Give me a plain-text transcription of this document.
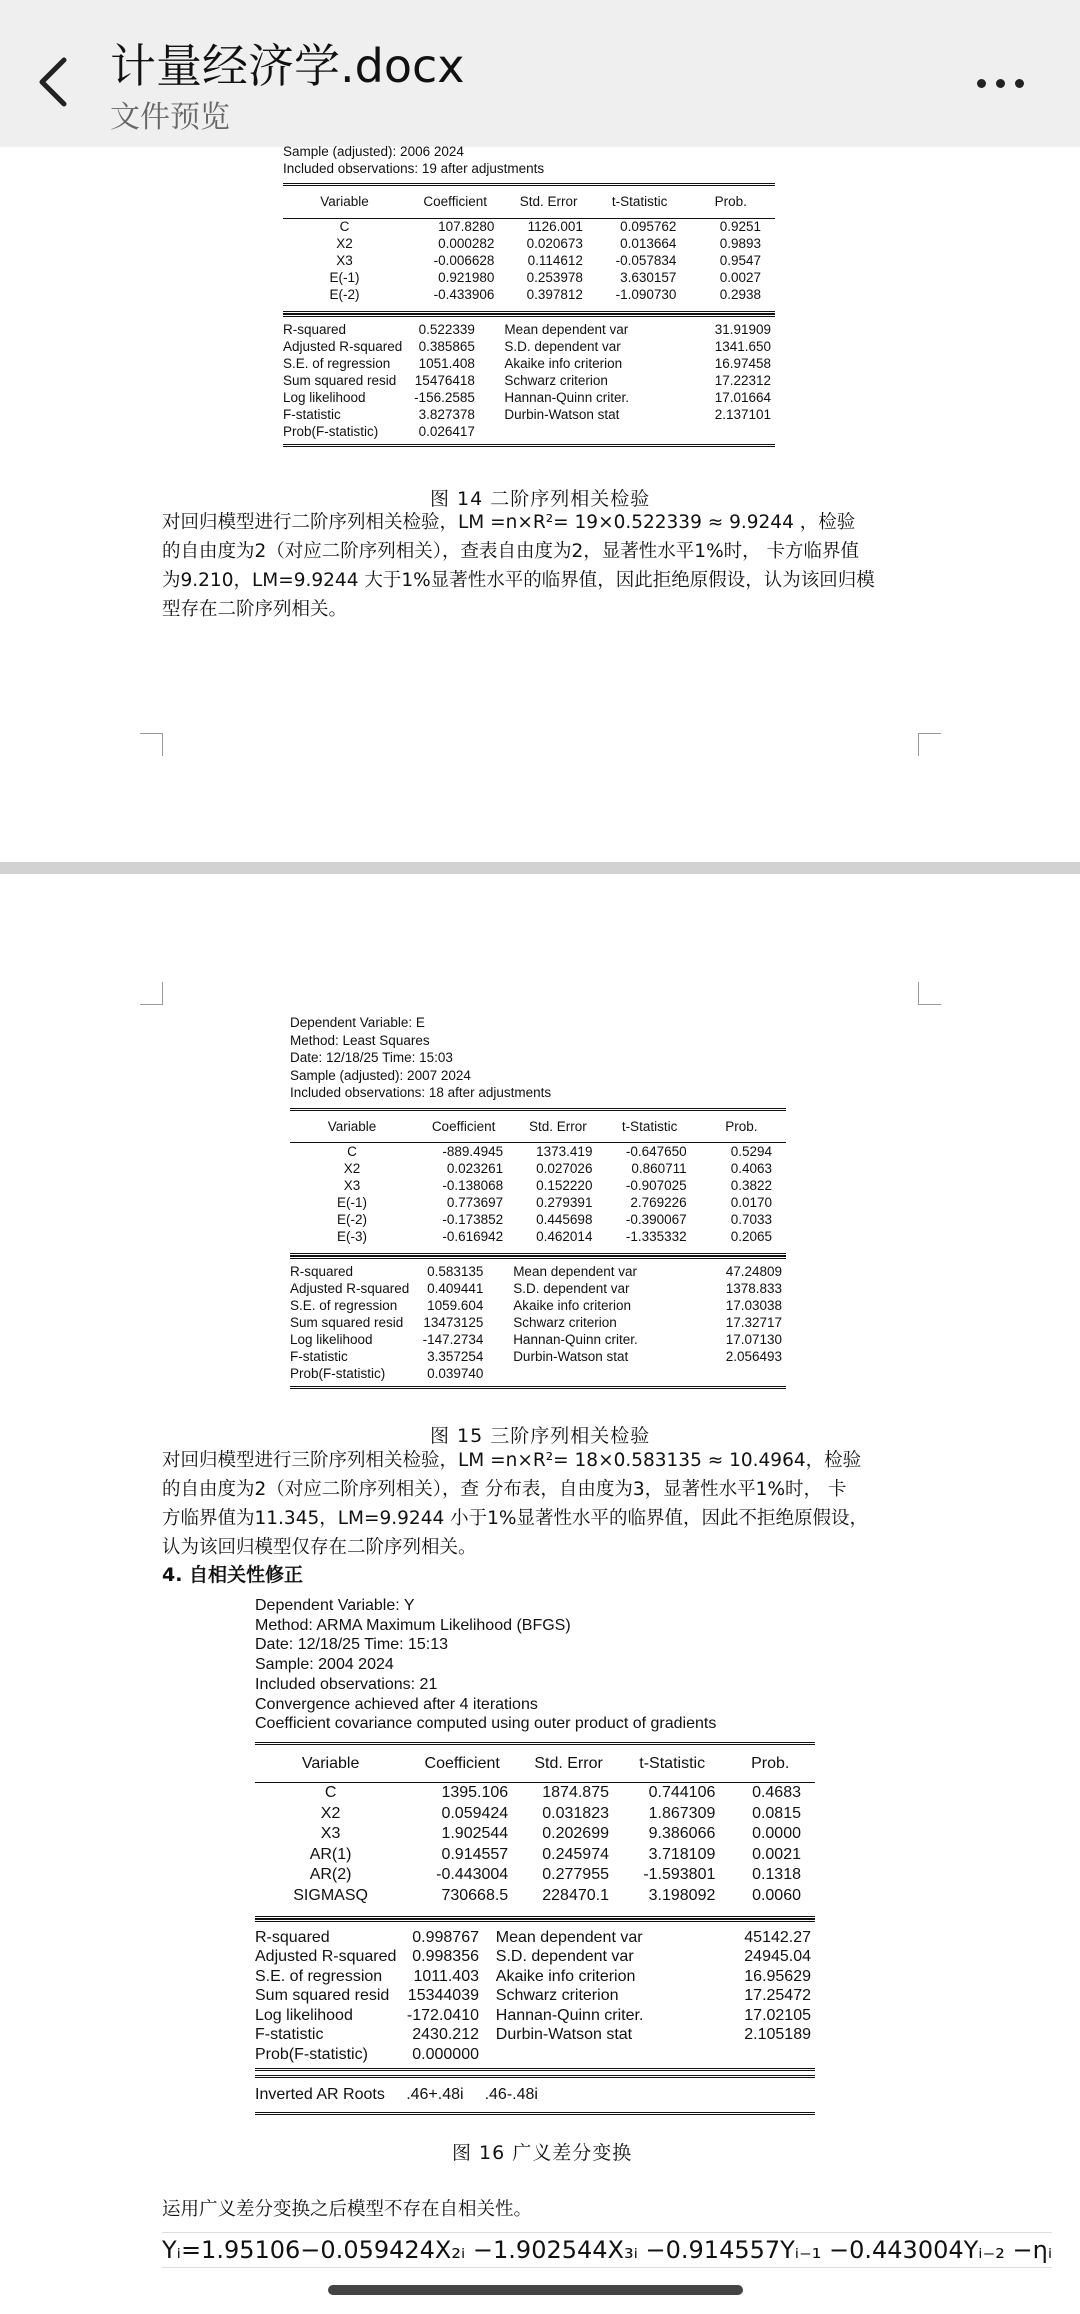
计量经济学.docx
文件预览
Sample (adjusted): 2006 2024
Included observations: 19 after adjustments
Variable	Coefficient	Std. Error	t-Statistic	Prob.
C	107.8280	1126.001	0.095762	0.9251
X2	0.000282	0.020673	0.013664	0.9893
X3	-0.006628	0.114612	-0.057834	0.9547
E(-1)	0.921980	0.253978	3.630157	0.0027
E(-2)	-0.433906	0.397812	-1.090730	0.2938

R-squared	0.522339		Mean dependent var	31.91909
Adjusted R-squared	0.385865		S.D. dependent var	1341.650
S.E. of regression	1051.408		Akaike info criterion	16.97458
Sum squared resid	15476418		Schwarz criterion	17.22312
Log likelihood	-156.2585		Hannan-Quinn criter.	17.01664
F-statistic	3.827378		Durbin-Watson stat	2.137101
Prob(F-statistic)	0.026417			

图 14 二阶序列相关检验

对回归模型进行二阶序列相关检验，LM =n×R²= 19×0.522339 ≈ 9.9244 ，检验

的自由度为2（对应二阶序列相关），查表自由度为2，显著性水平1%时， 卡方临界值

为9.210，LM=9.9244 大于1%显著性水平的临界值，因此拒绝原假设，认为该回归模

型存在二阶序列相关。

Dependent Variable: E
Method: Least Squares
Date: 12/18/25 Time: 15:03
Sample (adjusted): 2007 2024
Included observations: 18 after adjustments
Variable	Coefficient	Std. Error	t-Statistic	Prob.
C	-889.4945	1373.419	-0.647650	0.5294
X2	0.023261	0.027026	0.860711	0.4063
X3	-0.138068	0.152220	-0.907025	0.3822
E(-1)	0.773697	0.279391	2.769226	0.0170
E(-2)	-0.173852	0.445698	-0.390067	0.7033
E(-3)	-0.616942	0.462014	-1.335332	0.2065

R-squared	0.583135		Mean dependent var	47.24809
Adjusted R-squared	0.409441		S.D. dependent var	1378.833
S.E. of regression	1059.604		Akaike info criterion	17.03038
Sum squared resid	13473125		Schwarz criterion	17.32717
Log likelihood	-147.2734		Hannan-Quinn criter.	17.07130
F-statistic	3.357254		Durbin-Watson stat	2.056493
Prob(F-statistic)	0.039740			

图 15 三阶序列相关检验

对回归模型进行三阶序列相关检验，LM =n×R²= 18×0.583135 ≈ 10.4964，检验

的自由度为2（对应二阶序列相关），查 分布表，自由度为3，显著性水平1%时， 卡

方临界值为11.345，LM=9.9244 小于1%显著性水平的临界值，因此不拒绝原假设，

认为该回归模型仅存在二阶序列相关。

4. 自相关性修正
Dependent Variable: Y
Method: ARMA Maximum Likelihood (BFGS)
Date: 12/18/25 Time: 15:13
Sample: 2004 2024
Included observations: 21
Convergence achieved after 4 iterations
Coefficient covariance computed using outer product of gradients
Variable	Coefficient	Std. Error	t-Statistic	Prob.
C	1395.106	1874.875	0.744106	0.4683
X2	0.059424	0.031823	1.867309	0.0815
X3	1.902544	0.202699	9.386066	0.0000
AR(1)	0.914557	0.245974	3.718109	0.0021
AR(2)	-0.443004	0.277955	-1.593801	0.1318
SIGMASQ	730668.5	228470.1	3.198092	0.0060

R-squared	0.998767		Mean dependent var	45142.27
Adjusted R-squared	0.998356		S.D. dependent var	24945.04
S.E. of regression	1011.403		Akaike info criterion	16.95629
Sum squared resid	15344039		Schwarz criterion	17.25472
Log likelihood	-172.0410		Hannan-Quinn criter.	17.02105
F-statistic	2430.212		Durbin-Watson stat	2.105189
Prob(F-statistic)	0.000000			

Inverted AR Roots	.46+.48i	.46-.48i
图 16 广义差分变换
运用广义差分变换之后模型不存在自相关性。
Yᵢ=1.95106−0.059424X₂ᵢ −1.902544X₃ᵢ −0.914557Yᵢ₋₁ −0.443004Yᵢ₋₂ −ηᵢ
